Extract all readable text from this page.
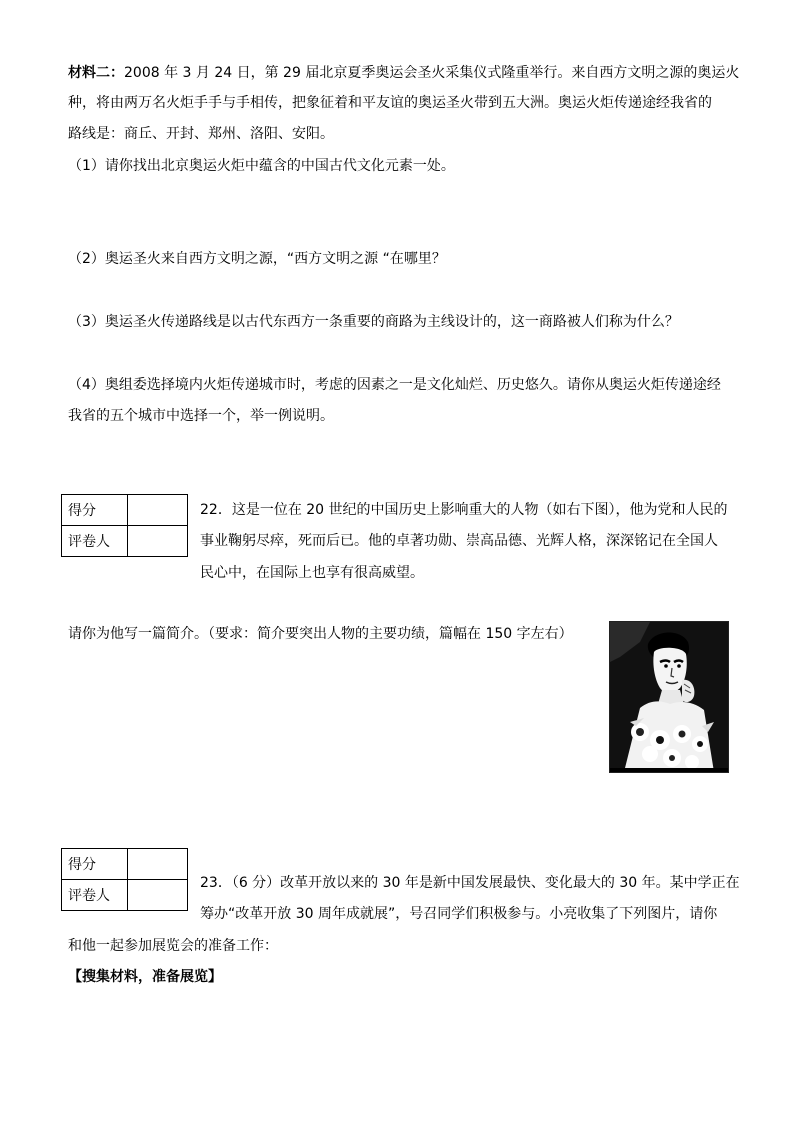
材料二：2008 年 3 月 24 日，第 29 届北京夏季奥运会圣火采集仪式隆重举行。来自西方文明之源的奥运火
种，将由两万名火炬手手与手相传，把象征着和平友谊的奥运圣火带到五大洲。奥运火炬传递途经我省的
路线是：商丘、开封、郑州、洛阳、安阳。
（1）请你找出北京奥运火炬中蕴含的中国古代文化元素一处。
（2）奥运圣火来自西方文明之源，“西方文明之源 “在哪里？
（3）奥运圣火传递路线是以古代东西方一条重要的商路为主线设计的，这一商路被人们称为什么？
（4）奥组委选择境内火炬传递城市时，考虑的因素之一是文化灿烂、历史悠久。请你从奥运火炬传递途经
我省的五个城市中选择一个，举一例说明。
得分	
评卷人	
22．这是一位在 20 世纪的中国历史上影响重大的人物（如右下图），他为党和人民的
事业鞠躬尽瘁，死而后已。他的卓著功勋、崇高品德、光辉人格，深深铭记在全国人
民心中，在国际上也享有很高威望。
请你为他写一篇简介。（要求：简介要突出人物的主要功绩，篇幅在 150 字左右）
得分	
评卷人	
23．（6 分）改革开放以来的 30 年是新中国发展最快、变化最大的 30 年。某中学正在
筹办“改革开放 30 周年成就展”，号召同学们积极参与。小亮收集了下列图片，请你
和他一起参加展览会的准备工作：
【搜集材料，准备展览】
